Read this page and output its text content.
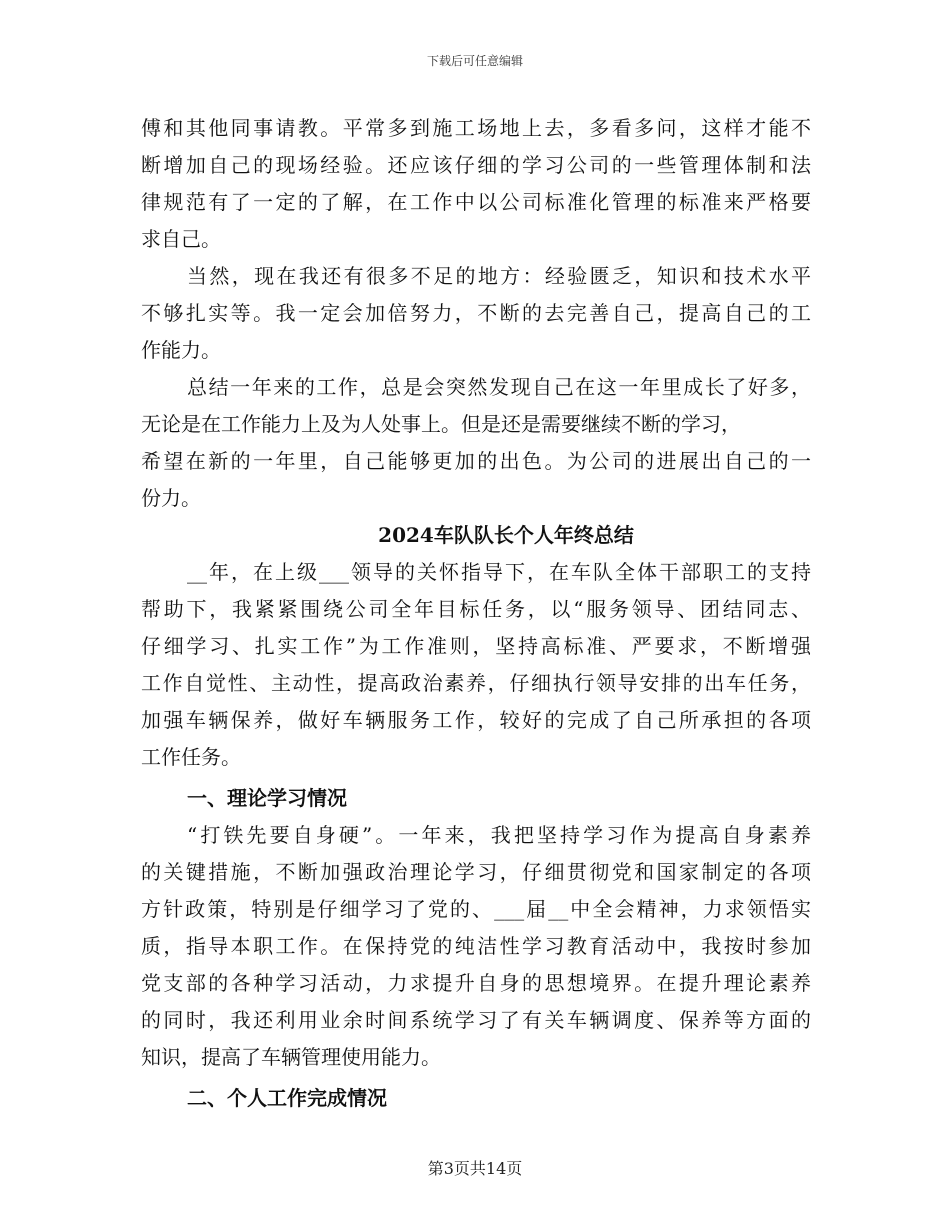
下载后可任意编辑
傅和其他同事请教。平常多到施工场地上去，多看多问，这样才能不
断增加自己的现场经验。还应该仔细的学习公司的一些管理体制和法
律规范有了一定的了解，在工作中以公司标准化管理的标准来严格要
求自己。
当然，现在我还有很多不足的地方：经验匮乏，知识和技术水平
不够扎实等。我一定会加倍努力，不断的去完善自己，提高自己的工
作能力。
总结一年来的工作，总是会突然发现自己在这一年里成长了好多，
无论是在工作能力上及为人处事上。但是还是需要继续不断的学习，
希望在新的一年里，自己能够更加的出色。为公司的进展出自己的一
份力。
2024车队队长个人年终总结
__年，在上级___领导的关怀指导下，在车队全体干部职工的支持
帮助下，我紧紧围绕公司全年目标任务，以“服务领导、团结同志、
仔细学习、扎实工作”为工作准则，坚持高标准、严要求，不断增强
工作自觉性、主动性，提高政治素养，仔细执行领导安排的出车任务，
加强车辆保养，做好车辆服务工作，较好的完成了自己所承担的各项
工作任务。
一、理论学习情况
“打铁先要自身硬”。一年来，我把坚持学习作为提高自身素养
的关键措施，不断加强政治理论学习，仔细贯彻党和国家制定的各项
方针政策，特别是仔细学习了党的、___届__中全会精神，力求领悟实
质，指导本职工作。在保持党的纯洁性学习教育活动中，我按时参加
党支部的各种学习活动，力求提升自身的思想境界。在提升理论素养
的同时，我还利用业余时间系统学习了有关车辆调度、保养等方面的
知识，提高了车辆管理使用能力。
二、个人工作完成情况
第3页共14页
